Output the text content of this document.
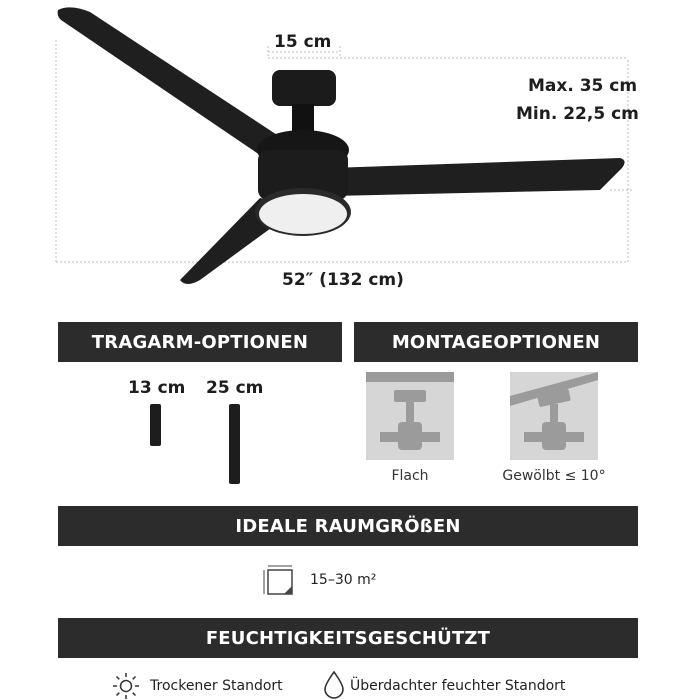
15 cm
Max. 35 cm
Min. 22,5 cm
52″ (132 cm)
TRAGARM-OPTIONEN	MONTAGEOPTIONEN
13 cm 25 cm
Flach	Gewölbt ≤ 10°
IDEALE RAUMGRÖßEN
15–30 m²
FEUCHTIGKEITSGESCHÜTZT
Trockener Standort	Überdachter feuchter Standort
